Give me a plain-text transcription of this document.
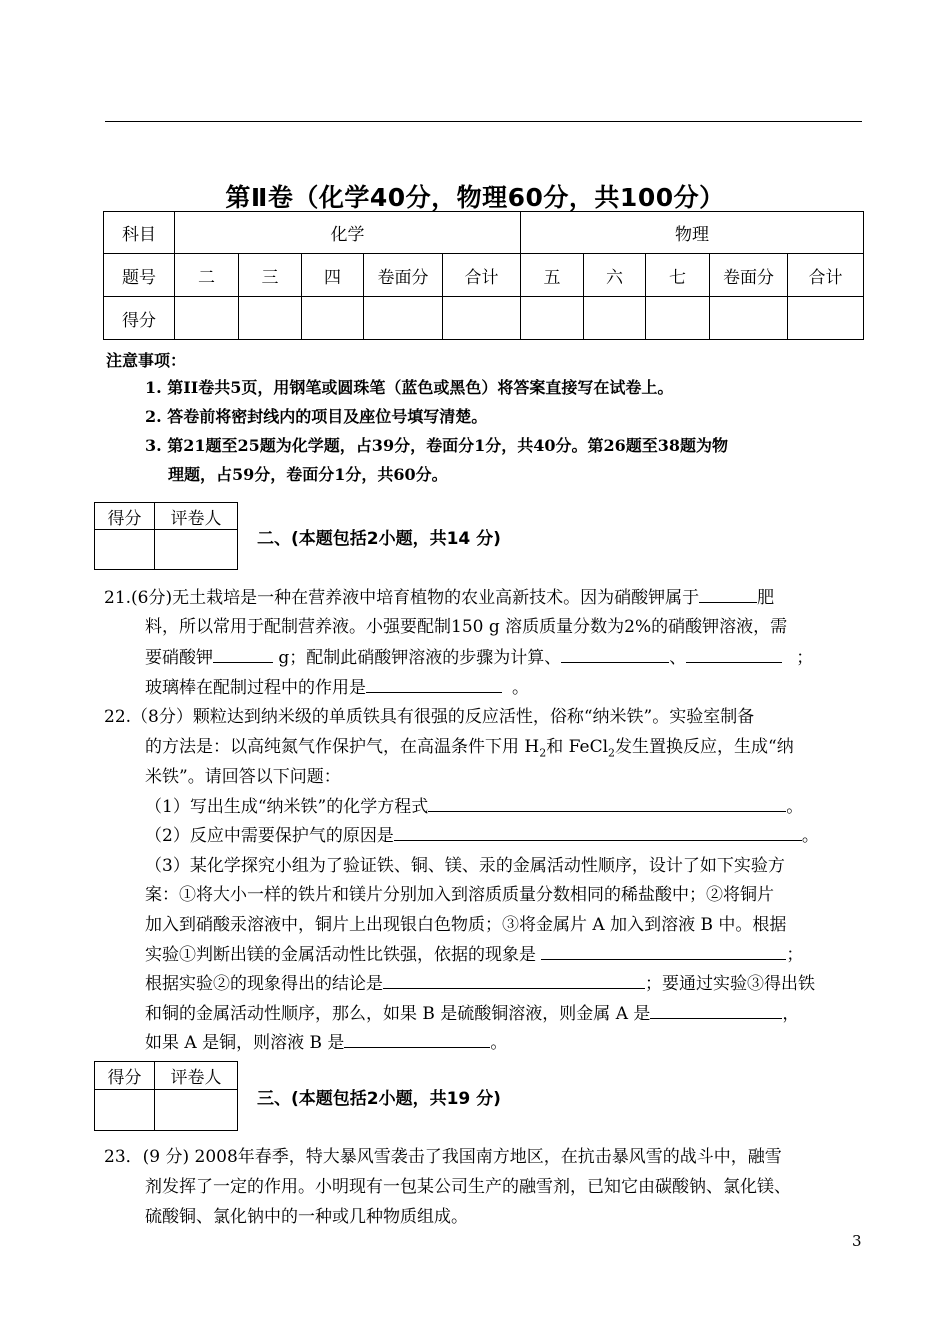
第Ⅱ卷（化学40分，物理60分，共100分）
科目	化学					物理				
题号	二	三	四	卷面分	合计	五	六	七	卷面分	合计
得分										
注意事项：
1. 第II卷共5页，用钢笔或圆珠笔（蓝色或黑色）将答案直接写在试卷上。
2. 答卷前将密封线内的项目及座位号填写清楚。
3. 第21题至25题为化学题，占39分，卷面分1分，共40分。第26题至38题为物
理题，占59分，卷面分1分，共60分。
得分	评卷人

二、(本题包括2小题，共14 分)
21.(6分)无土栽培是一种在营养液中培育植物的农业高新技术。因为硝酸钾属于	肥
料，所以常用于配制营养液。小强要配制150 g 溶质质量分数为2%的硝酸钾溶液，需
要硝酸钾	g；配制此硝酸钾溶液的步骤为计算、	、	；
玻璃棒在配制过程中的作用是	。
22.（8分）颗粒达到纳米级的单质铁具有很强的反应活性，俗称“纳米铁”。实验室制备
的方法是：以高纯氮气作保护气，在高温条件下用 $H_2$和 FeCl$_2$发生置换反应，生成“纳
米铁”。请回答以下问题：
（1）写出生成“纳米铁”的化学方程式	。
（2）反应中需要保护气的原因是	。
（3）某化学探究小组为了验证铁、铜、镁、汞的金属活动性顺序，设计了如下实验方
案：①将大小一样的铁片和镁片分别加入到溶质质量分数相同的稀盐酸中；②将铜片
加入到硝酸汞溶液中，铜片上出现银白色物质；③将金属片 A 加入到溶液 B 中。根据
实验①判断出镁的金属活动性比铁强，依据的现象是	；
根据实验②的现象得出的结论是	；要通过实验③得出铁
和铜的金属活动性顺序，那么，如果 B 是硫酸铜溶液，则金属 A 是	，
如果 A 是铜，则溶液 B 是	。
得分	评卷人

三、(本题包括2小题，共19 分)
23．(9 分) 2008年春季，特大暴风雪袭击了我国南方地区，在抗击暴风雪的战斗中，融雪
剂发挥了一定的作用。小明现有一包某公司生产的融雪剂，已知它由碳酸钠、氯化镁、
硫酸铜、氯化钠中的一种或几种物质组成。
3
